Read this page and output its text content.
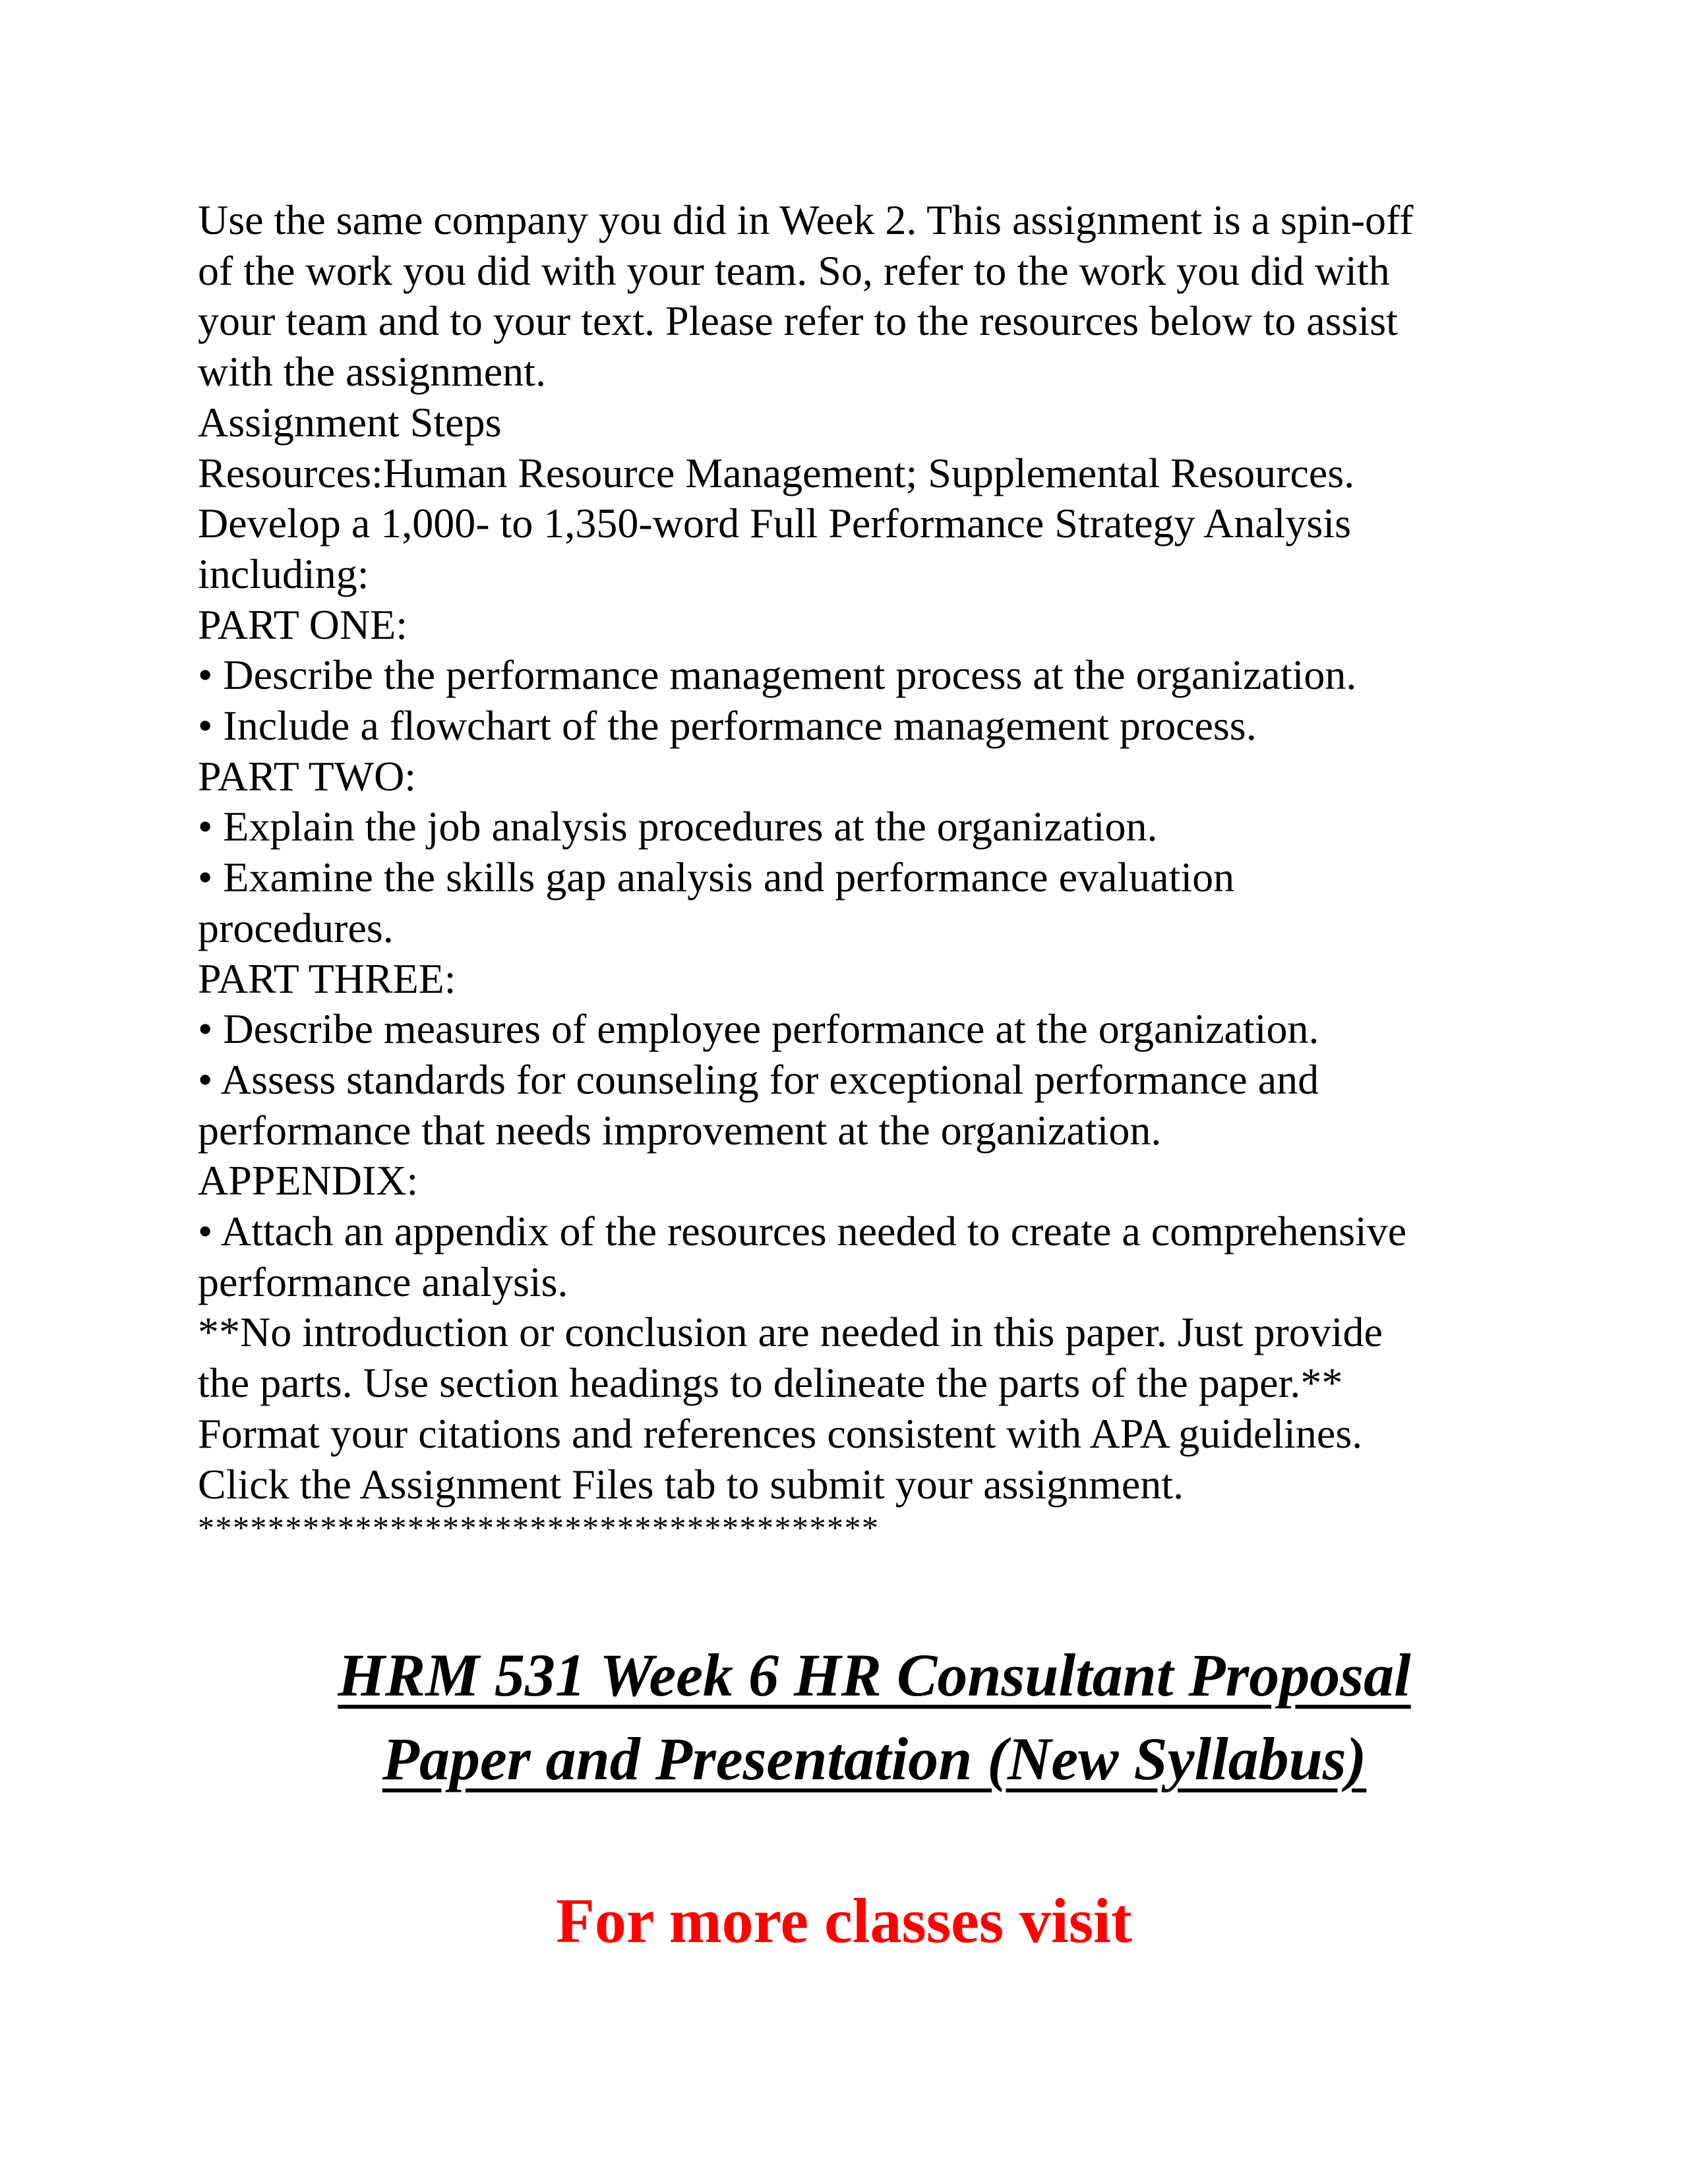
Use the same company you did in Week 2. This assignment is a spin-off

of the work you did with your team. So, refer to the work you did with

your team and to your text. Please refer to the resources below to assist

with the assignment.

Assignment Steps

Resources:Human Resource Management; Supplemental Resources.

Develop a 1,000- to 1,350-word Full Performance Strategy Analysis

including:

PART ONE:

• Describe the performance management process at the organization.

• Include a flowchart of the performance management process.

PART TWO:

• Explain the job analysis procedures at the organization.

• Examine the skills gap analysis and performance evaluation

procedures.

PART THREE:

• Describe measures of employee performance at the organization.

• Assess standards for counseling for exceptional performance and

performance that needs improvement at the organization.

APPENDIX:

• Attach an appendix of the resources needed to create a comprehensive

performance analysis.

**No introduction or conclusion are needed in this paper. Just provide

the parts. Use section headings to delineate the parts of the paper.**

Format your citations and references consistent with APA guidelines.

Click the Assignment Files tab to submit your assignment.

***************************************

HRM 531 Week 6 HR Consultant Proposal

Paper and Presentation (New Syllabus)

For more classes visit
